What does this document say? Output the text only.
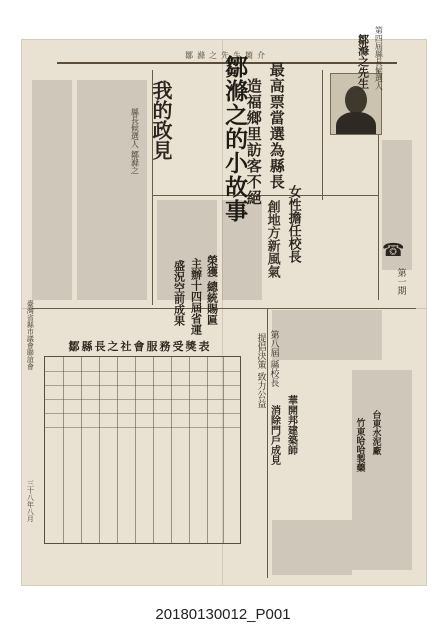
鄒滌之先生簡介	鄒滌之先生 第四屆縣長候選人
鄒滌之的小故事 最高票當選為縣長
造福鄉里訪客不絕
我的政見
縣長候選人 鄒滌之
女性擔任校長
創地方新風氣	☎
榮獲 總統賜匾
主辦十四屆省運
盛況空前成果
第八屆 縣校長
提倡決策 致力公益
鄒縣長之社會服務受獎表
華開邦建築師
消除門戶成見
第一期
臺灣省縣市議會聯誼會
三十八年八月
台東水泥廠
竹東哈哈製藥
20180130012_P001
